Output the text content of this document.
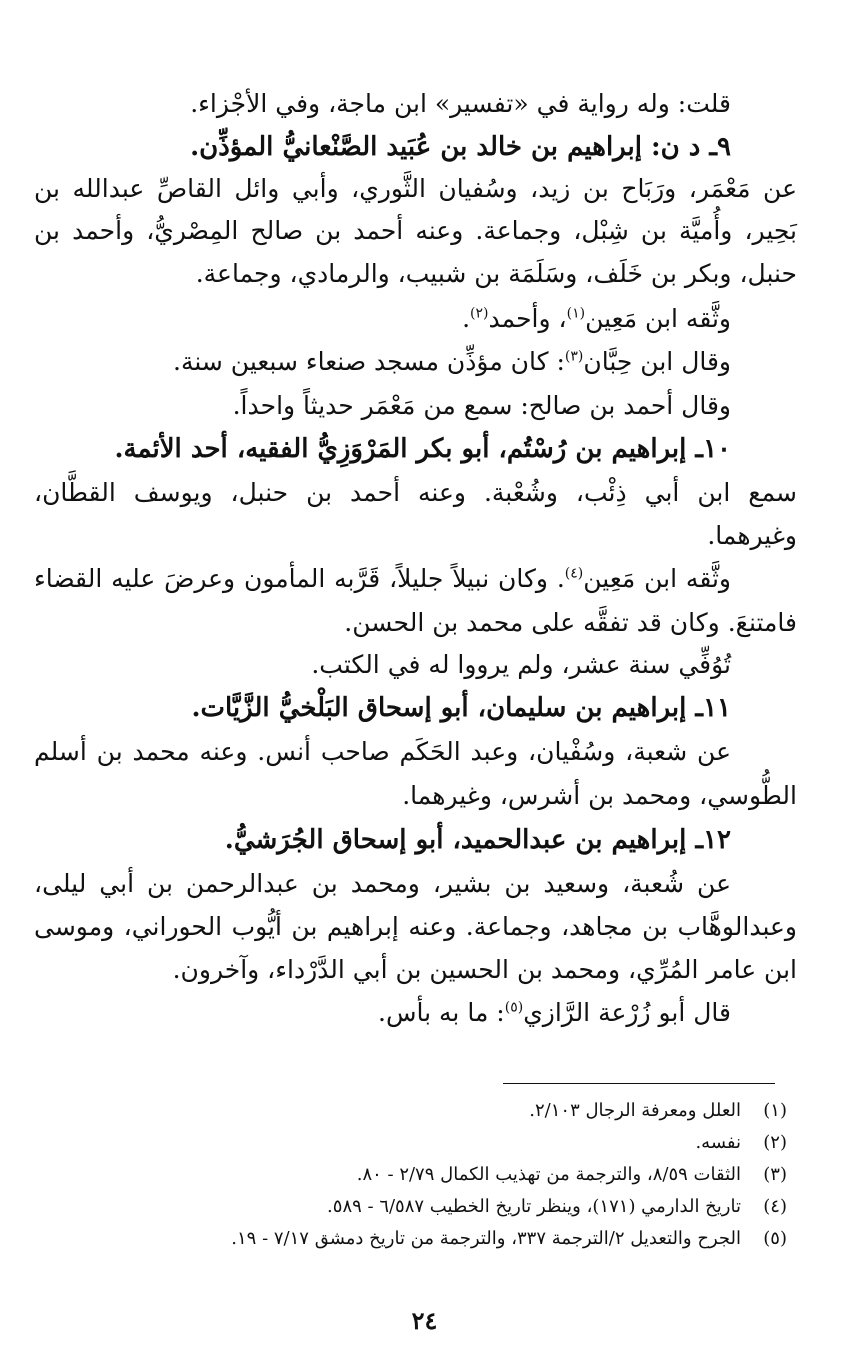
قلت: وله رواية في «تفسير» ابن ماجة، وفي الأجْزاء.
٩ـ د ن: إبراهيم بن خالد بن عُبَيد الصَّنْعانيُّ المؤذِّن.
عن مَعْمَر، ورَبَاح بن زيد، وسُفيان الثَّوري، وأبي وائل القاصِّ عبدالله بن
بَحِير، وأُميَّة بن شِبْل، وجماعة. وعنه أحمد بن صالح المِصْريُّ، وأحمد بن
حنبل، وبكر بن خَلَف، وسَلَمَة بن شبيب، والرمادي، وجماعة.
وثَّقه ابن مَعِين$^{(١)}$، وأحمد$^{(٢)}$.
وقال ابن حِبَّان$^{(٣)}$: كان مؤذِّن مسجد صنعاء سبعين سنة.
وقال أحمد بن صالح: سمع من مَعْمَر حديثاً واحداً.
١٠ـ إبراهيم بن رُسْتُم، أبو بكر المَرْوَزِيُّ الفقيه، أحد الأئمة.
سمع ابن أبي ذِئْب، وشُعْبة. وعنه أحمد بن حنبل، ويوسف القطَّان،
وغيرهما.
وثَّقه ابن مَعِين$^{(٤)}$. وكان نبيلاً جليلاً، قَرَّبه المأمون وعرضَ عليه القضاء
فامتنعَ. وكان قد تفقَّه على محمد بن الحسن.
تُوُفِّي سنة عشر، ولم يرووا له في الكتب.
١١ـ إبراهيم بن سليمان، أبو إسحاق البَلْخيُّ الزَّيَّات.
عن شعبة، وسُفْيان، وعبد الحَكَم صاحب أنس. وعنه محمد بن أسلم
الطُّوسي، ومحمد بن أشرس، وغيرهما.
١٢ـ إبراهيم بن عبدالحميد، أبو إسحاق الجُرَشيُّ.
عن شُعبة، وسعيد بن بشير، ومحمد بن عبدالرحمن بن أبي ليلى،
وعبدالوهَّاب بن مجاهد، وجماعة. وعنه إبراهيم بن أيُّوب الحوراني، وموسى
ابن عامر المُرِّي، ومحمد بن الحسين بن أبي الدَّرْداء، وآخرون.
قال أبو زُرْعة الرَّازي$^{(٥)}$: ما به بأس.
(١)العلل ومعرفة الرجال ٢/١٠٣.
(٢)نفسه.
(٣)الثقات ٨/٥٩، والترجمة من تهذيب الكمال ٢/٧٩ - ٨٠.
(٤)تاريخ الدارمي (١٧١)، وينظر تاريخ الخطيب ٦/٥٨٧ - ٥٨٩.
(٥)الجرح والتعديل ٢/الترجمة ٣٣٧، والترجمة من تاريخ دمشق ٧/١٧ - ١٩.
٢٤
